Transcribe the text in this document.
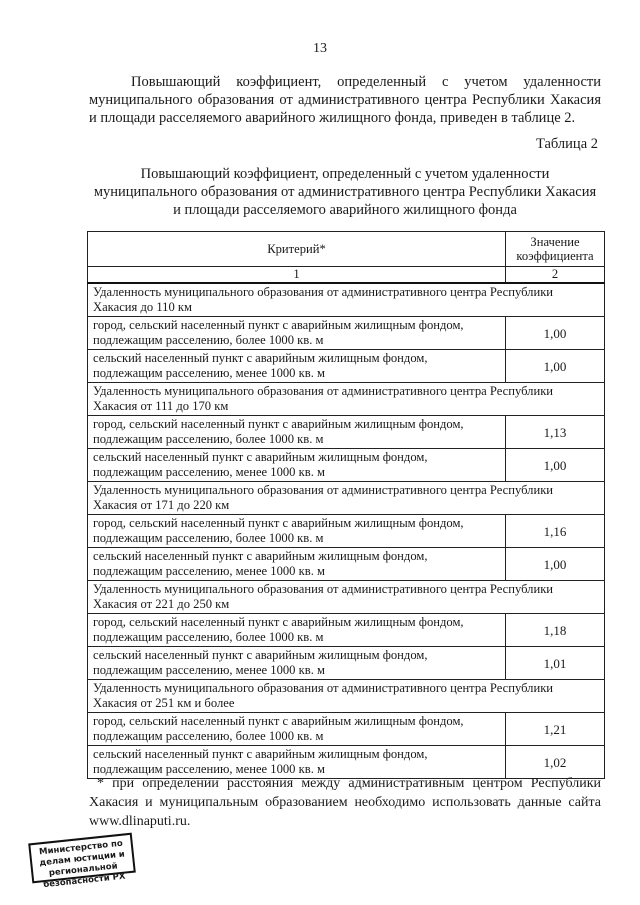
13
Повышающий коэффициент, определенный с учетом удаленности муниципального образования от административного центра Республики Хакасия и площади расселяемого аварийного жилищного фонда, приведен в таблице 2.
Таблица 2
Повышающий коэффициент, определенный с учетом удаленности муниципального образования от административного центра Республики Хакасия и площади расселяемого аварийного жилищного фонда
Критерий*	Значение коэффициента
1	2
Удаленность муниципального образования от административного центра Республики Хакасия до 110 км	
город, сельский населенный пункт с аварийным жилищным фондом, подлежащим расселению, более 1000 кв. м	1,00
сельский населенный пункт с аварийным жилищным фондом, подлежащим расселению, менее 1000 кв. м	1,00
Удаленность муниципального образования от административного центра Республики Хакасия от 111 до 170 км	
город, сельский населенный пункт с аварийным жилищным фондом, подлежащим расселению, более 1000 кв. м	1,13
сельский населенный пункт с аварийным жилищным фондом, подлежащим расселению, менее 1000 кв. м	1,00
Удаленность муниципального образования от административного центра Республики Хакасия от 171 до 220 км	
город, сельский населенный пункт с аварийным жилищным фондом, подлежащим расселению, более 1000 кв. м	1,16
сельский населенный пункт с аварийным жилищным фондом, подлежащим расселению, менее 1000 кв. м	1,00
Удаленность муниципального образования от административного центра Республики Хакасия от 221 до 250 км	
город, сельский населенный пункт с аварийным жилищным фондом, подлежащим расселению, более 1000 кв. м	1,18
сельский населенный пункт с аварийным жилищным фондом, подлежащим расселению, менее 1000 кв. м	1,01
Удаленность муниципального образования от административного центра Республики Хакасия от 251 км и более	
город, сельский населенный пункт с аварийным жилищным фондом, подлежащим расселению, более 1000 кв. м	1,21
сельский населенный пункт с аварийным жилищным фондом, подлежащим расселению, менее 1000 кв. м	1,02
* при определении расстояния между административным центром Республики Хакасия и муниципальным образованием необходимо использовать данные сайта www.dlinaputi.ru.
Министерство по делам юстиции и региональной безопасности РХ
